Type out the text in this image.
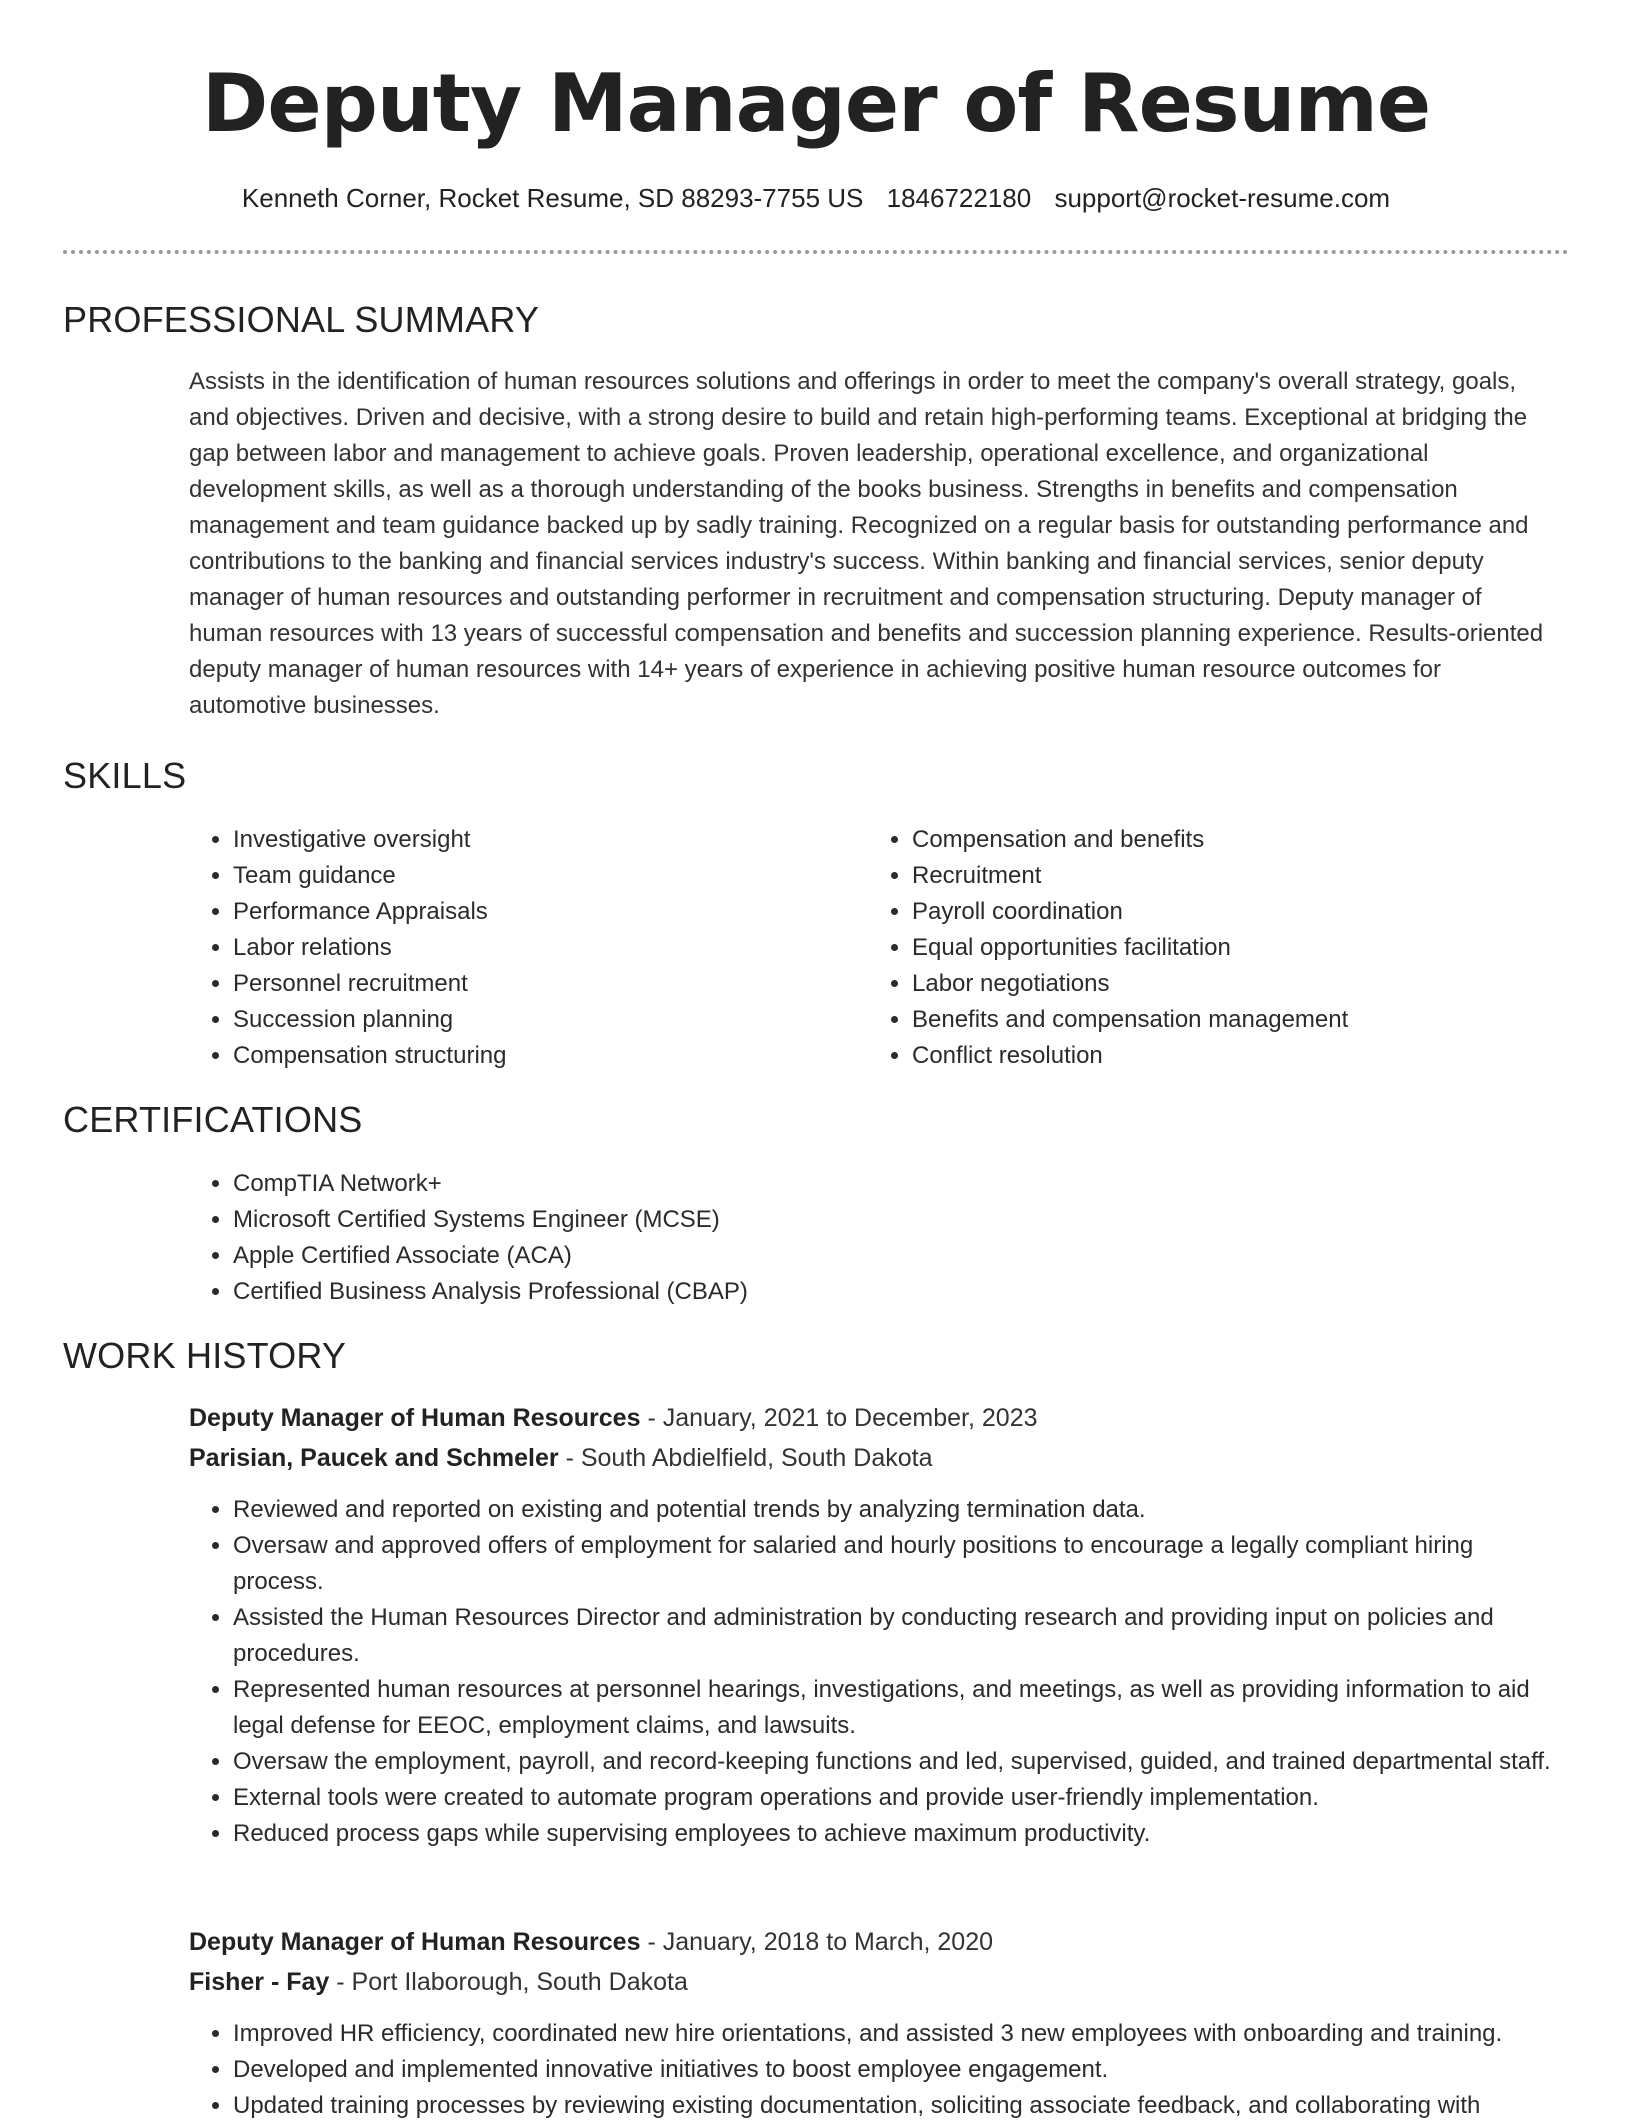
Deputy Manager of Resume
Kenneth Corner, Rocket Resume, SD 88293-7755 US 1846722180 support@rocket-resume.com
PROFESSIONAL SUMMARY
Assists in the identification of human resources solutions and offerings in order to meet the company's overall strategy, goals, and objectives. Driven and decisive, with a strong desire to build and retain high-performing teams. Exceptional at bridging the gap between labor and management to achieve goals. Proven leadership, operational excellence, and organizational development skills, as well as a thorough understanding of the books business. Strengths in benefits and compensation management and team guidance backed up by sadly training. Recognized on a regular basis for outstanding performance and contributions to the banking and financial services industry's success. Within banking and financial services, senior deputy manager of human resources and outstanding performer in recruitment and compensation structuring. Deputy manager of human resources with 13 years of successful compensation and benefits and succession planning experience. Results-oriented deputy manager of human resources with 14+ years of experience in achieving positive human resource outcomes for automotive businesses.
SKILLS
• Investigative oversight
• Team guidance
• Performance Appraisals
• Labor relations
• Personnel recruitment
• Succession planning
• Compensation structuring
• Compensation and benefits
• Recruitment
• Payroll coordination
• Equal opportunities facilitation
• Labor negotiations
• Benefits and compensation management
• Conflict resolution
CERTIFICATIONS
• CompTIA Network+
• Microsoft Certified Systems Engineer (MCSE)
• Apple Certified Associate (ACA)
• Certified Business Analysis Professional (CBAP)
WORK HISTORY
Deputy Manager of Human Resources - January, 2021 to December, 2023
Parisian, Paucek and Schmeler - South Abdielfield, South Dakota
• Reviewed and reported on existing and potential trends by analyzing termination data.
• Oversaw and approved offers of employment for salaried and hourly positions to encourage a legally compliant hiring process.
• Assisted the Human Resources Director and administration by conducting research and providing input on policies and procedures.
• Represented human resources at personnel hearings, investigations, and meetings, as well as providing information to aid legal defense for EEOC, employment claims, and lawsuits.
• Oversaw the employment, payroll, and record-keeping functions and led, supervised, guided, and trained departmental staff.
• External tools were created to automate program operations and provide user-friendly implementation.
• Reduced process gaps while supervising employees to achieve maximum productivity.
Deputy Manager of Human Resources - January, 2018 to March, 2020
Fisher - Fay - Port Ilaborough, South Dakota
• Improved HR efficiency, coordinated new hire orientations, and assisted 3 new employees with onboarding and training.
• Developed and implemented innovative initiatives to boost employee engagement.
• Updated training processes by reviewing existing documentation, soliciting associate feedback, and collaborating with
